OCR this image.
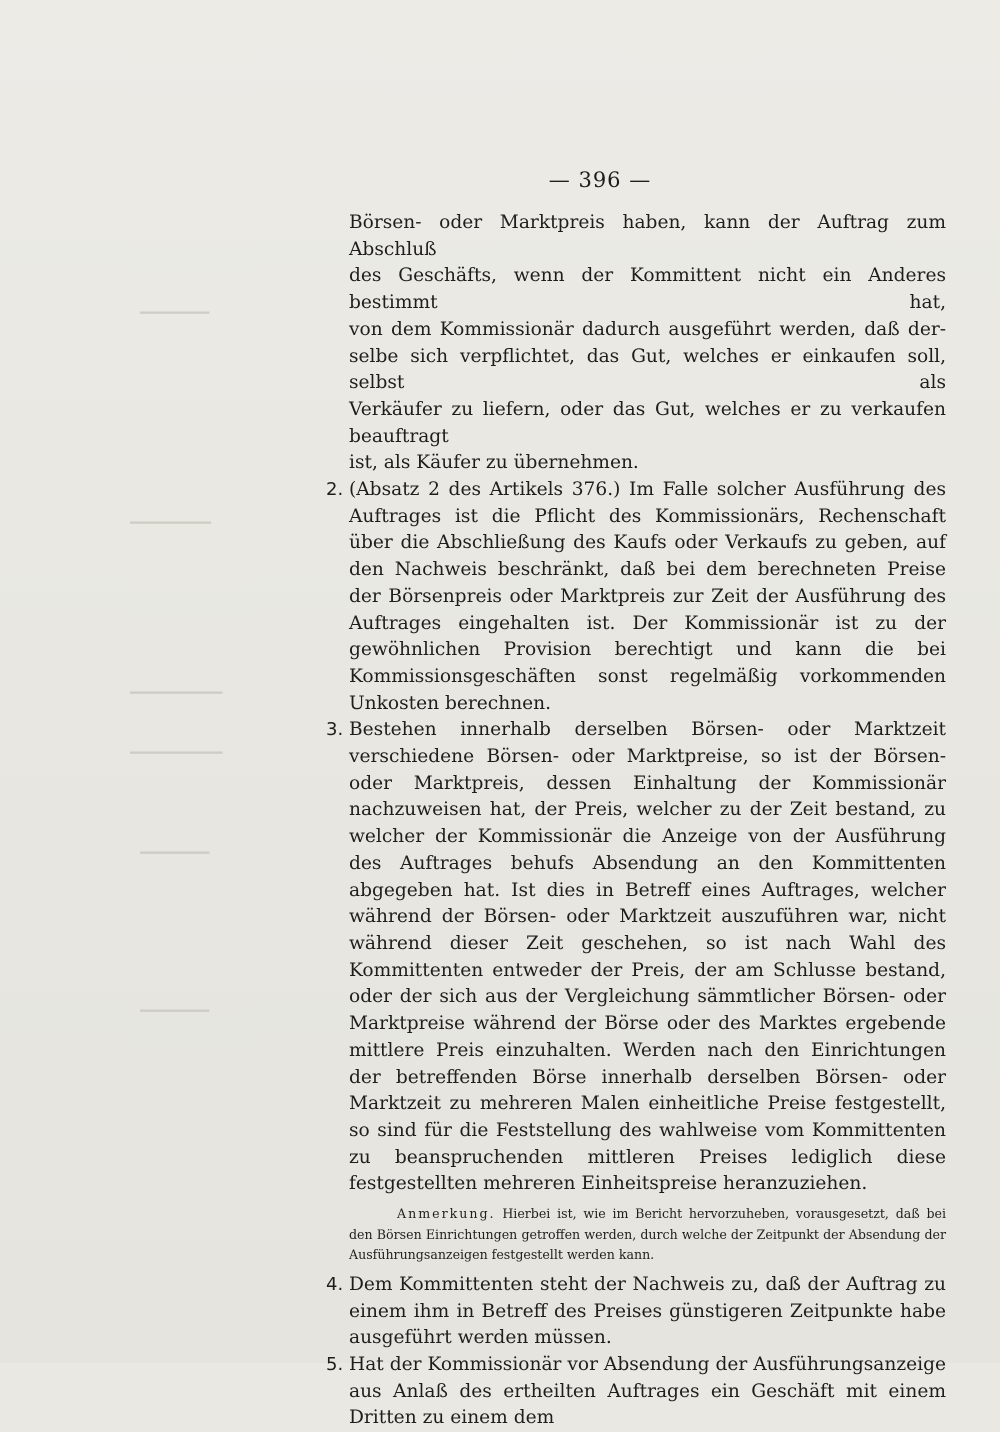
▁▁▁▁▁▁
▁▁▁▁▁▁▁
▁▁▁▁▁▁▁▁
▁▁▁▁▁▁▁▁
▁▁▁▁▁▁
▁▁▁▁▁▁
— 396 —
Börsen- oder Marktpreis haben, kann der Auftrag zum Abschluß
des Geschäfts, wenn der Kommittent nicht ein Anderes bestimmt hat,
von dem Kommissionär dadurch ausgeführt werden, daß der-
selbe sich verpflichtet, das Gut, welches er einkaufen soll, selbst als
Verkäufer zu liefern, oder das Gut, welches er zu verkaufen beauftragt
ist, als Käufer zu übernehmen.
2. (Absatz 2 des Artikels 376.) Im Falle solcher Ausführung des Auftrages ist die Pflicht des Kommissionärs, Rechenschaft über die Abschließung des Kaufs oder Verkaufs zu geben, auf den Nachweis beschränkt, daß bei dem berechneten Preise der Börsenpreis oder Marktpreis zur Zeit der Ausführung des Auftrages eingehalten ist. Der Kommissionär ist zu der gewöhnlichen Provision berechtigt und kann die bei Kommissionsgeschäften sonst regelmäßig vorkommenden Unkosten berechnen.
3. Bestehen innerhalb derselben Börsen- oder Marktzeit verschiedene Börsen- oder Marktpreise, so ist der Börsen- oder Marktpreis, dessen Einhaltung der Kommissionär nachzuweisen hat, der Preis, welcher zu der Zeit bestand, zu welcher der Kommissionär die Anzeige von der Ausführung des Auftrages behufs Absendung an den Kommittenten abgegeben hat. Ist dies in Betreff eines Auftrages, welcher während der Börsen- oder Marktzeit auszuführen war, nicht während dieser Zeit geschehen, so ist nach Wahl des Kommittenten entweder der Preis, der am Schlusse bestand, oder der sich aus der Vergleichung sämmtlicher Börsen- oder Marktpreise während der Börse oder des Marktes ergebende mittlere Preis einzuhalten. Werden nach den Einrichtungen der betreffenden Börse innerhalb derselben Börsen- oder Marktzeit zu mehreren Malen einheitliche Preise festgestellt, so sind für die Feststellung des wahlweise vom Kommittenten zu beanspruchenden mittleren Preises lediglich diese festgestellten mehreren Einheitspreise heranzuziehen.
Anmerkung. Hierbei ist, wie im Bericht hervorzuheben, vorausgesetzt, daß bei den Börsen Einrichtungen getroffen werden, durch welche der Zeitpunkt der Absendung der Ausführungsanzeigen festgestellt werden kann.
4. Dem Kommittenten steht der Nachweis zu, daß der Auftrag zu einem ihm in Betreff des Preises günstigeren Zeitpunkte habe ausgeführt werden müssen.
5. Hat der Kommissionär vor Absendung der Ausführungsanzeige aus Anlaß des ertheilten Auftrages ein Geschäft mit einem Dritten zu einem dem
